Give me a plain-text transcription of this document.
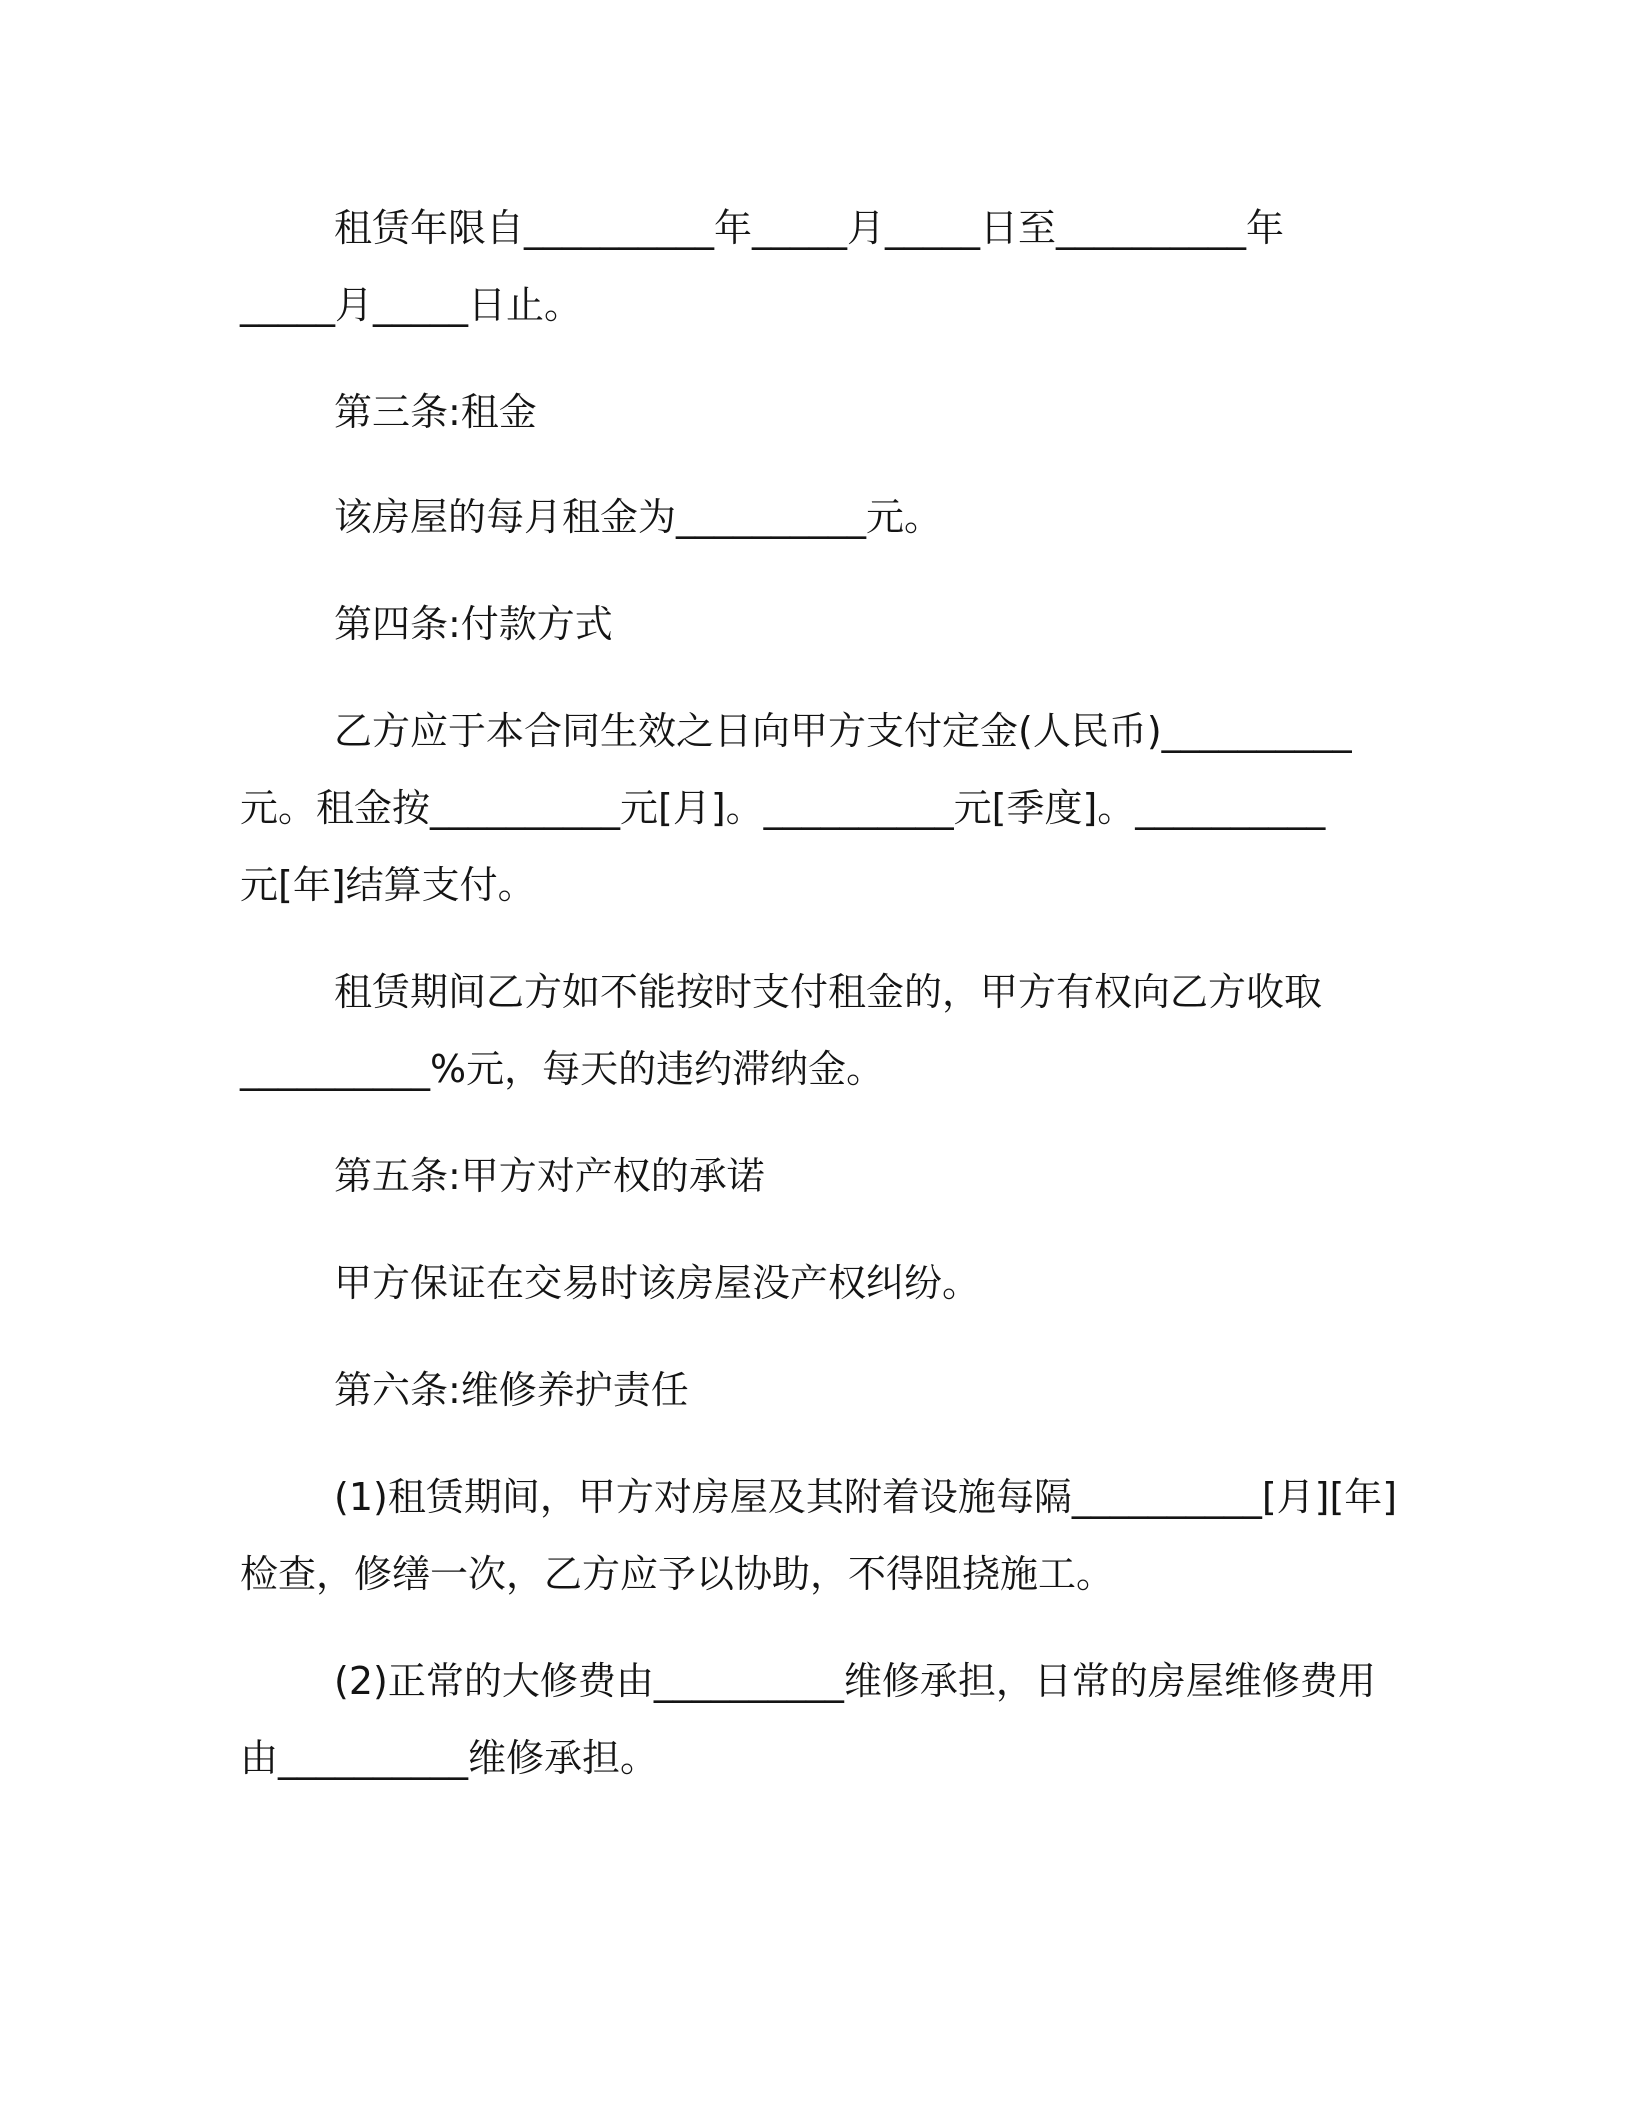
租赁年限自__________年_____月_____日至__________年
_____月_____日止。

第三条:租金

该房屋的每月租金为__________元。

第四条:付款方式

乙方应于本合同生效之日向甲方支付定金(人民币)__________
元。租金按__________元[月]。__________元[季度]。__________
元[年]结算支付。

租赁期间乙方如不能按时支付租金的，甲方有权向乙方收取
__________%元，每天的违约滞纳金。

第五条:甲方对产权的承诺

甲方保证在交易时该房屋没产权纠纷。

第六条:维修养护责任

(1)租赁期间，甲方对房屋及其附着设施每隔__________[月][年]
检查，修缮一次，乙方应予以协助，不得阻挠施工。

(2)正常的大修费由__________维修承担，日常的房屋维修费用
由__________维修承担。
